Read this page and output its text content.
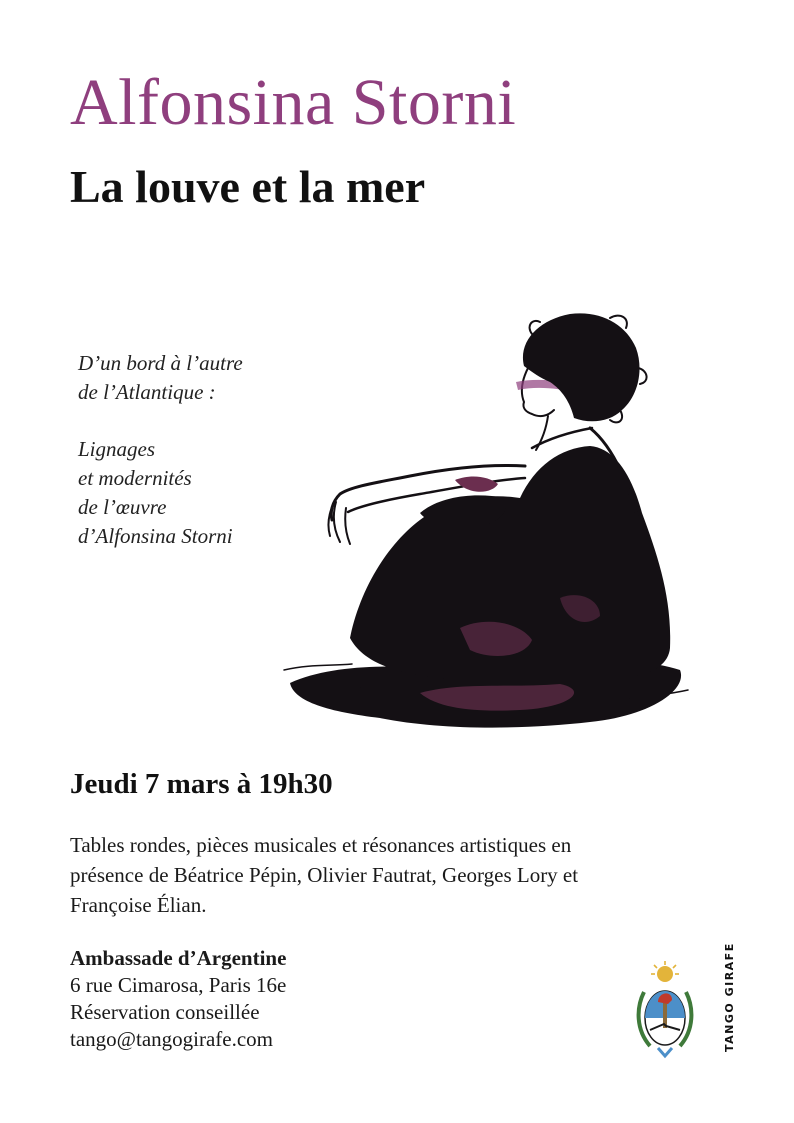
Alfonsina Storni
La louve et la mer
D’un bord à l’autre
de l’Atlantique :
Lignages
et modernités
de l’œuvre
d’Alfonsina Storni
Jeudi 7 mars à 19h30
Tables rondes, pièces musicales et résonances artistiques en
présence de Béatrice Pépin, Olivier Fautrat, Georges Lory et
Françoise Élian.
Ambassade d’Argentine
6 rue Cimarosa, Paris 16e
Réservation conseillée
tango@tangogirafe.com	TANGO GIRAFE
